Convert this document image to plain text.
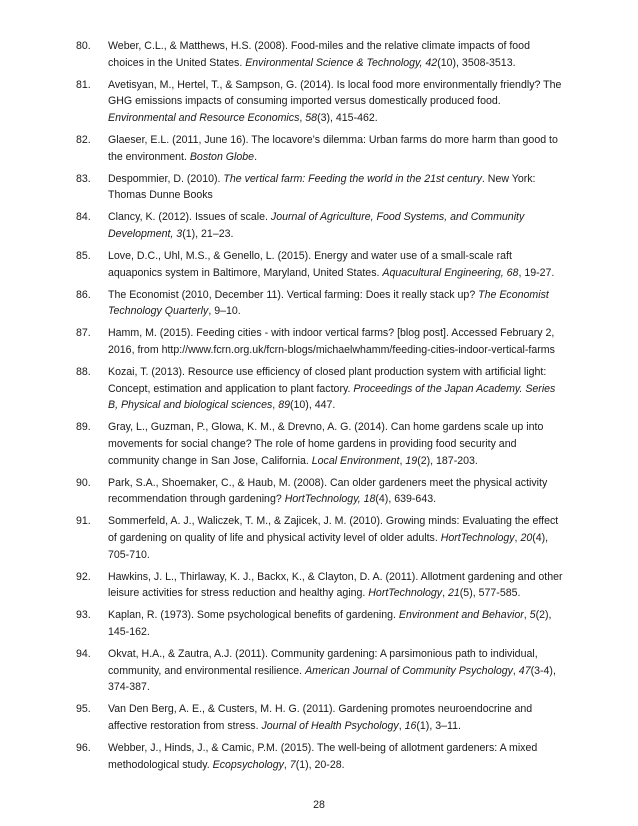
80.	Weber, C.L., & Matthews, H.S. (2008). Food-miles and the relative climate impacts of food choices in the United States. Environmental Science & Technology, 42(10), 3508-3513.
81.	Avetisyan, M., Hertel, T., & Sampson, G. (2014). Is local food more environmentally friendly? The GHG emissions impacts of consuming imported versus domestically produced food. Environmental and Resource Economics, 58(3), 415-462.
82.	Glaeser, E.L. (2011, June 16). The locavore’s dilemma: Urban farms do more harm than good to the environment. Boston Globe.
83.	Despommier, D. (2010). The vertical farm: Feeding the world in the 21st century. New York: Thomas Dunne Books
84.	Clancy, K. (2012). Issues of scale. Journal of Agriculture, Food Systems, and Community Development, 3(1), 21–23.
85.	Love, D.C., Uhl, M.S., & Genello, L. (2015). Energy and water use of a small-scale raft aquaponics system in Baltimore, Maryland, United States. Aquacultural Engineering, 68, 19-27.
86.	The Economist (2010, December 11). Vertical farming: Does it really stack up? The Economist Technology Quarterly, 9–10.
87.	Hamm, M. (2015). Feeding cities - with indoor vertical farms? [blog post]. Accessed February 2, 2016, from http://www.fcrn.org.uk/fcrn-blogs/michaelwhamm/feeding-cities-indoor-vertical-farms
88.	Kozai, T. (2013). Resource use efficiency of closed plant production system with artificial light: Concept, estimation and application to plant factory. Proceedings of the Japan Academy. Series B, Physical and biological sciences, 89(10), 447.
89.	Gray, L., Guzman, P., Glowa, K. M., & Drevno, A. G. (2014). Can home gardens scale up into movements for social change? The role of home gardens in providing food security and community change in San Jose, California. Local Environment, 19(2), 187-203.
90.	Park, S.A., Shoemaker, C., & Haub, M. (2008). Can older gardeners meet the physical activity recommendation through gardening? HortTechnology, 18(4), 639-643.
91.	Sommerfeld, A. J., Waliczek, T. M., & Zajicek, J. M. (2010). Growing minds: Evaluating the effect of gardening on quality of life and physical activity level of older adults. HortTechnology, 20(4), 705-710.
92.	Hawkins, J. L., Thirlaway, K. J., Backx, K., & Clayton, D. A. (2011). Allotment gardening and other leisure activities for stress reduction and healthy aging. HortTechnology, 21(5), 577-585.
93.	Kaplan, R. (1973). Some psychological benefits of gardening. Environment and Behavior, 5(2), 145-162.
94.	Okvat, H.A., & Zautra, A.J. (2011). Community gardening: A parsimonious path to individual, community, and environmental resilience. American Journal of Community Psychology, 47(3-4), 374-387.
95.	Van Den Berg, A. E., & Custers, M. H. G. (2011). Gardening promotes neuroendocrine and affective restoration from stress. Journal of Health Psychology, 16(1), 3–11.
96.	Webber, J., Hinds, J., & Camic, P.M. (2015). The well-being of allotment gardeners: A mixed methodological study. Ecopsychology, 7(1), 20-28.
28
